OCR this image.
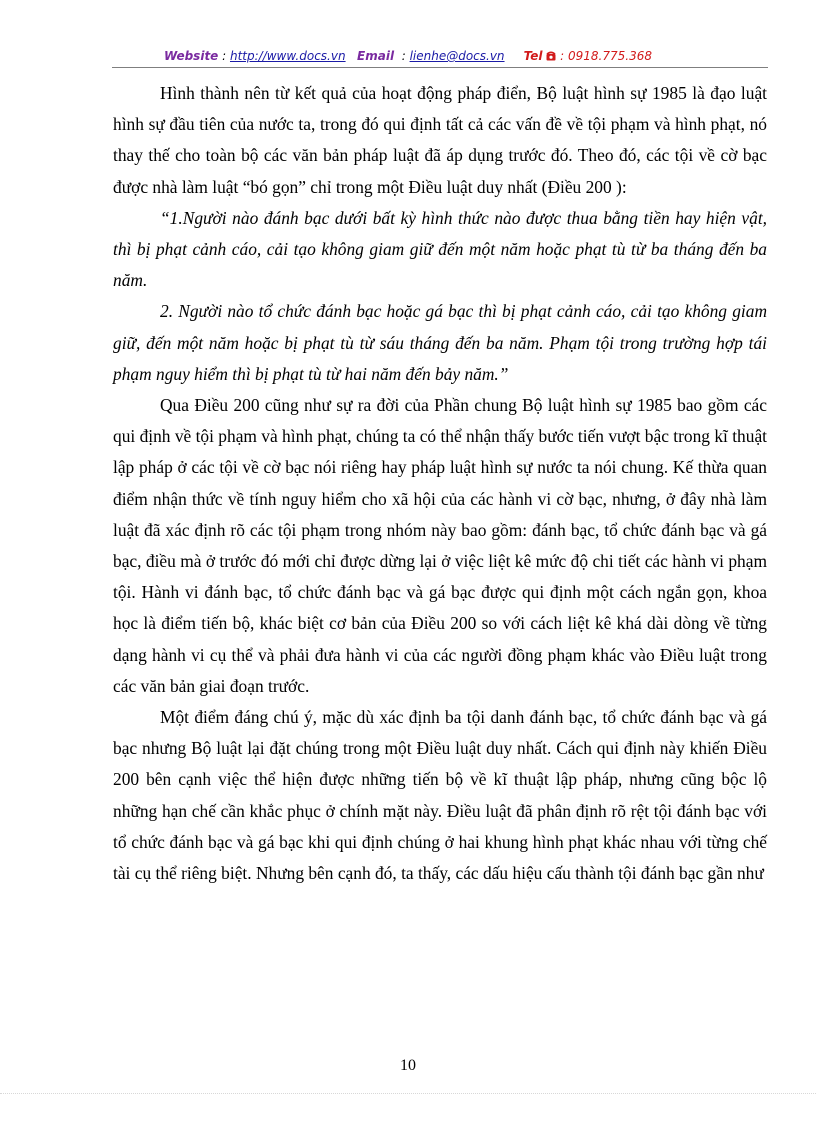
Website : http://www.docs.vn Email : lienhe@docs.vn Tel  : 0918.775.368

Hình thành nên từ kết quả của hoạt động pháp điển, Bộ luật hình sự 1985 là đạo luật hình sự đầu tiên của nước ta, trong đó qui định tất cả các vấn đề về tội phạm và hình phạt, nó thay thế cho toàn bộ các văn bản pháp luật đã áp dụng trước đó. Theo đó, các tội về cờ bạc được nhà làm luật “bó gọn” chỉ trong một Điều luật duy nhất (Điều 200 ):

“1.Người nào đánh bạc dưới bất kỳ hình thức nào được thua bằng tiền hay hiện vật, thì bị phạt cảnh cáo, cải tạo không giam giữ đến một năm hoặc phạt tù từ ba tháng đến ba năm.

2. Người nào tổ chức đánh bạc hoặc gá bạc thì bị phạt cảnh cáo, cải tạo không giam giữ, đến một năm hoặc bị phạt tù từ sáu tháng đến ba năm. Phạm tội trong trường hợp tái phạm nguy hiểm thì bị phạt tù từ hai năm đến bảy năm.”

Qua Điều 200 cũng như sự ra đời của Phần chung Bộ luật hình sự 1985 bao gồm các qui định về tội phạm và hình phạt, chúng ta có thể nhận thấy bước tiến vượt bậc trong kĩ thuật lập pháp ở các tội về cờ bạc nói riêng hay pháp luật hình sự nước ta nói chung. Kế thừa quan điểm nhận thức về tính nguy hiểm cho xã hội của các hành vi cờ bạc, nhưng, ở đây nhà làm luật đã xác định rõ các tội phạm trong nhóm này bao gồm: đánh bạc, tổ chức đánh bạc và gá bạc, điều mà ở trước đó mới chỉ được dừng lại ở việc liệt kê mức độ chi tiết các hành vi phạm tội. Hành vi đánh bạc, tổ chức đánh bạc và gá bạc được qui định một cách ngắn gọn, khoa học là điểm tiến bộ, khác biệt cơ bản của Điều 200 so với cách liệt kê khá dài dòng về từng dạng hành vi cụ thể và phải đưa hành vi của các người đồng phạm khác vào Điều luật trong các văn bản giai đoạn trước.

Một điểm đáng chú ý, mặc dù xác định ba tội danh đánh bạc, tổ chức đánh bạc và gá bạc nhưng Bộ luật lại đặt chúng trong một Điều luật duy nhất. Cách qui định này khiến Điều 200 bên cạnh việc thể hiện được những tiến bộ về kĩ thuật lập pháp, nhưng cũng bộc lộ những hạn chế cần khắc phục ở chính mặt này. Điều luật đã phân định rõ rệt tội đánh bạc với tổ chức đánh bạc và gá bạc khi qui định chúng ở hai khung hình phạt khác nhau với từng chế tài cụ thể riêng biệt. Nhưng bên cạnh đó, ta thấy, các dấu hiệu cấu thành tội đánh bạc gần như

10
